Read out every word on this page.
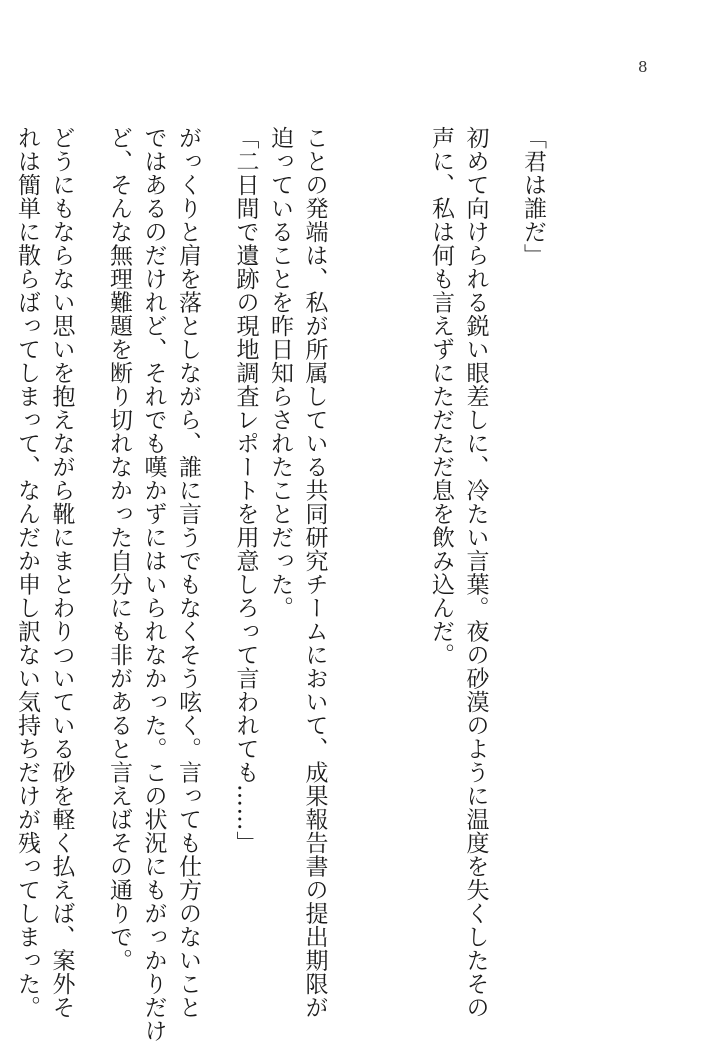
8
「君は誰だ」
初めて向けられる鋭い眼差しに、冷たい言葉。夜の砂漠のように温度を失くしたその
声に、私は何も言えずにただただ息を飲み込んだ。

ことの発端は、私が所属している共同研究チームにおいて、成果報告書の提出期限が
迫っていることを昨日知らされたことだった。
「二日間で遺跡の現地調査レポートを用意しろって言われても……」
がっくりと肩を落としながら、誰に言うでもなくそう呟く。言っても仕方のないこと
ではあるのだけれど、それでも嘆かずにはいられなかった。この状況にもがっかりだけ
ど、そんな無理難題を断り切れなかった自分にも非があると言えばその通りで。
どうにもならない思いを抱えながら靴にまとわりついている砂を軽く払えば、案外そ
れは簡単に散らばってしまって、なんだか申し訳ない気持ちだけが残ってしまった。
